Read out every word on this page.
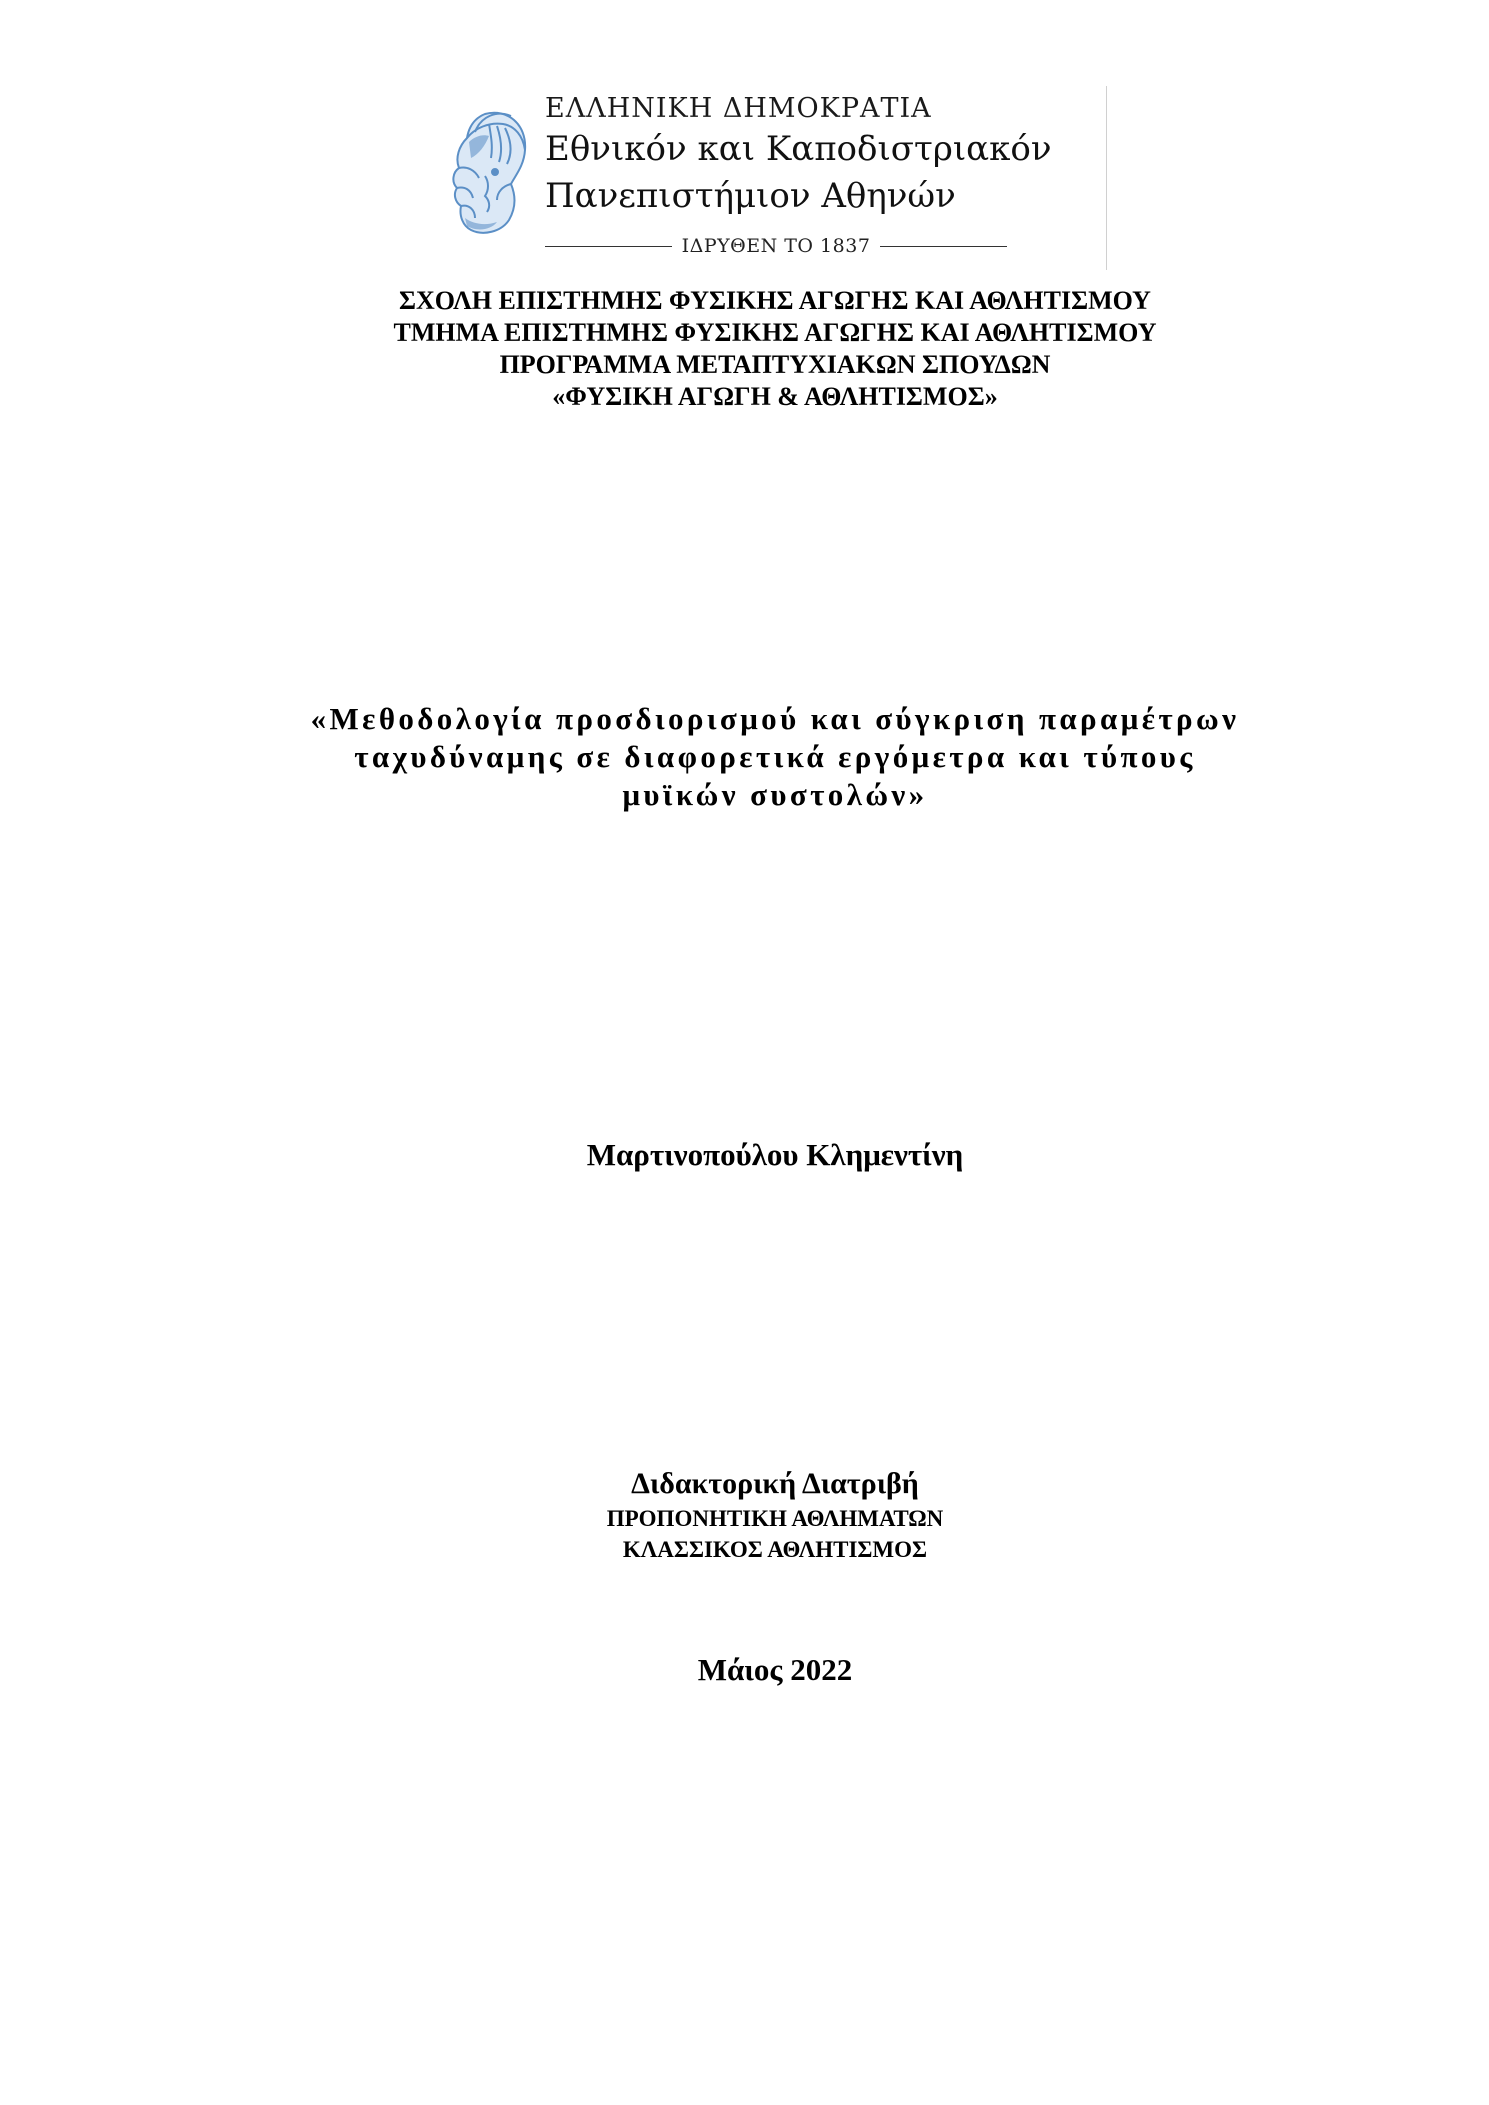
ΕΛΛΗΝΙΚΗ ΔΗΜΟΚΡΑΤΙΑ
Εθνικόν και Καποδιστριακόν
Πανεπιστήμιον Αθηνών
ΙΔΡΥΘΕΝ ΤΟ 1837
ΣΧΟΛΗ ΕΠΙΣΤΗΜΗΣ ΦΥΣΙΚΗΣ ΑΓΩΓΗΣ ΚΑΙ ΑΘΛΗΤΙΣΜΟΥ
ΤΜΗΜΑ ΕΠΙΣΤΗΜΗΣ ΦΥΣΙΚΗΣ ΑΓΩΓΗΣ ΚΑΙ ΑΘΛΗΤΙΣΜΟΥ
ΠΡΟΓΡΑΜΜΑ ΜΕΤΑΠΤΥΧΙΑΚΩΝ ΣΠΟΥΔΩΝ
«ΦΥΣΙΚΗ ΑΓΩΓΗ & ΑΘΛΗΤΙΣΜΟΣ»
«Μεθοδολογία προσδιορισμού και σύγκριση παραμέτρων
ταχυδύναμης σε διαφορετικά εργόμετρα και τύπους
μυϊκών συστολών»
Μαρτινοπούλου Κλημεντίνη
Διδακτορική Διατριβή
ΠΡΟΠΟΝΗΤΙΚΗ ΑΘΛΗΜΑΤΩΝ
ΚΛΑΣΣΙΚΟΣ ΑΘΛΗΤΙΣΜΟΣ
Μάιος 2022
